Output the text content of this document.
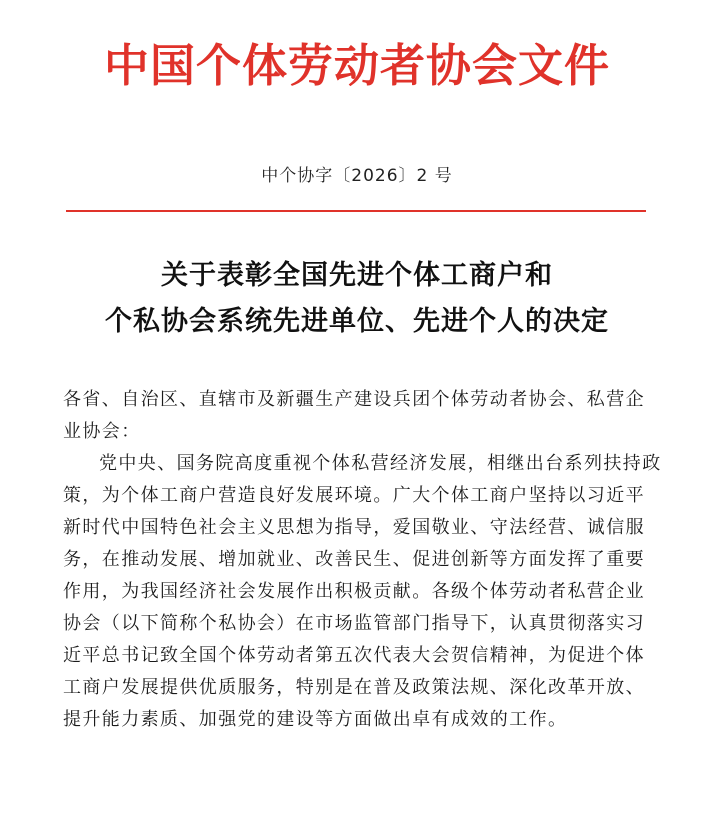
中国个体劳动者协会文件
中个协字〔2026〕2 号
关于表彰全国先进个体工商户和
个私协会系统先进单位、先进个人的决定
各省、自治区、直辖市及新疆生产建设兵团个体劳动者协会、私营企业协会：
党中央、国务院高度重视个体私营经济发展，相继出台系列扶持政策，为个体工商户营造良好发展环境。广大个体工商户坚持以习近平新时代中国特色社会主义思想为指导，爱国敬业、守法经营、诚信服务，在推动发展、增加就业、改善民生、促进创新等方面发挥了重要作用，为我国经济社会发展作出积极贡献。各级个体劳动者私营企业协会（以下简称个私协会）在市场监管部门指导下，认真贯彻落实习近平总书记致全国个体劳动者第五次代表大会贺信精神，为促进个体工商户发展提供优质服务，特别是在普及政策法规、深化改革开放、提升能力素质、加强党的建设等方面做出卓有成效的工作。
